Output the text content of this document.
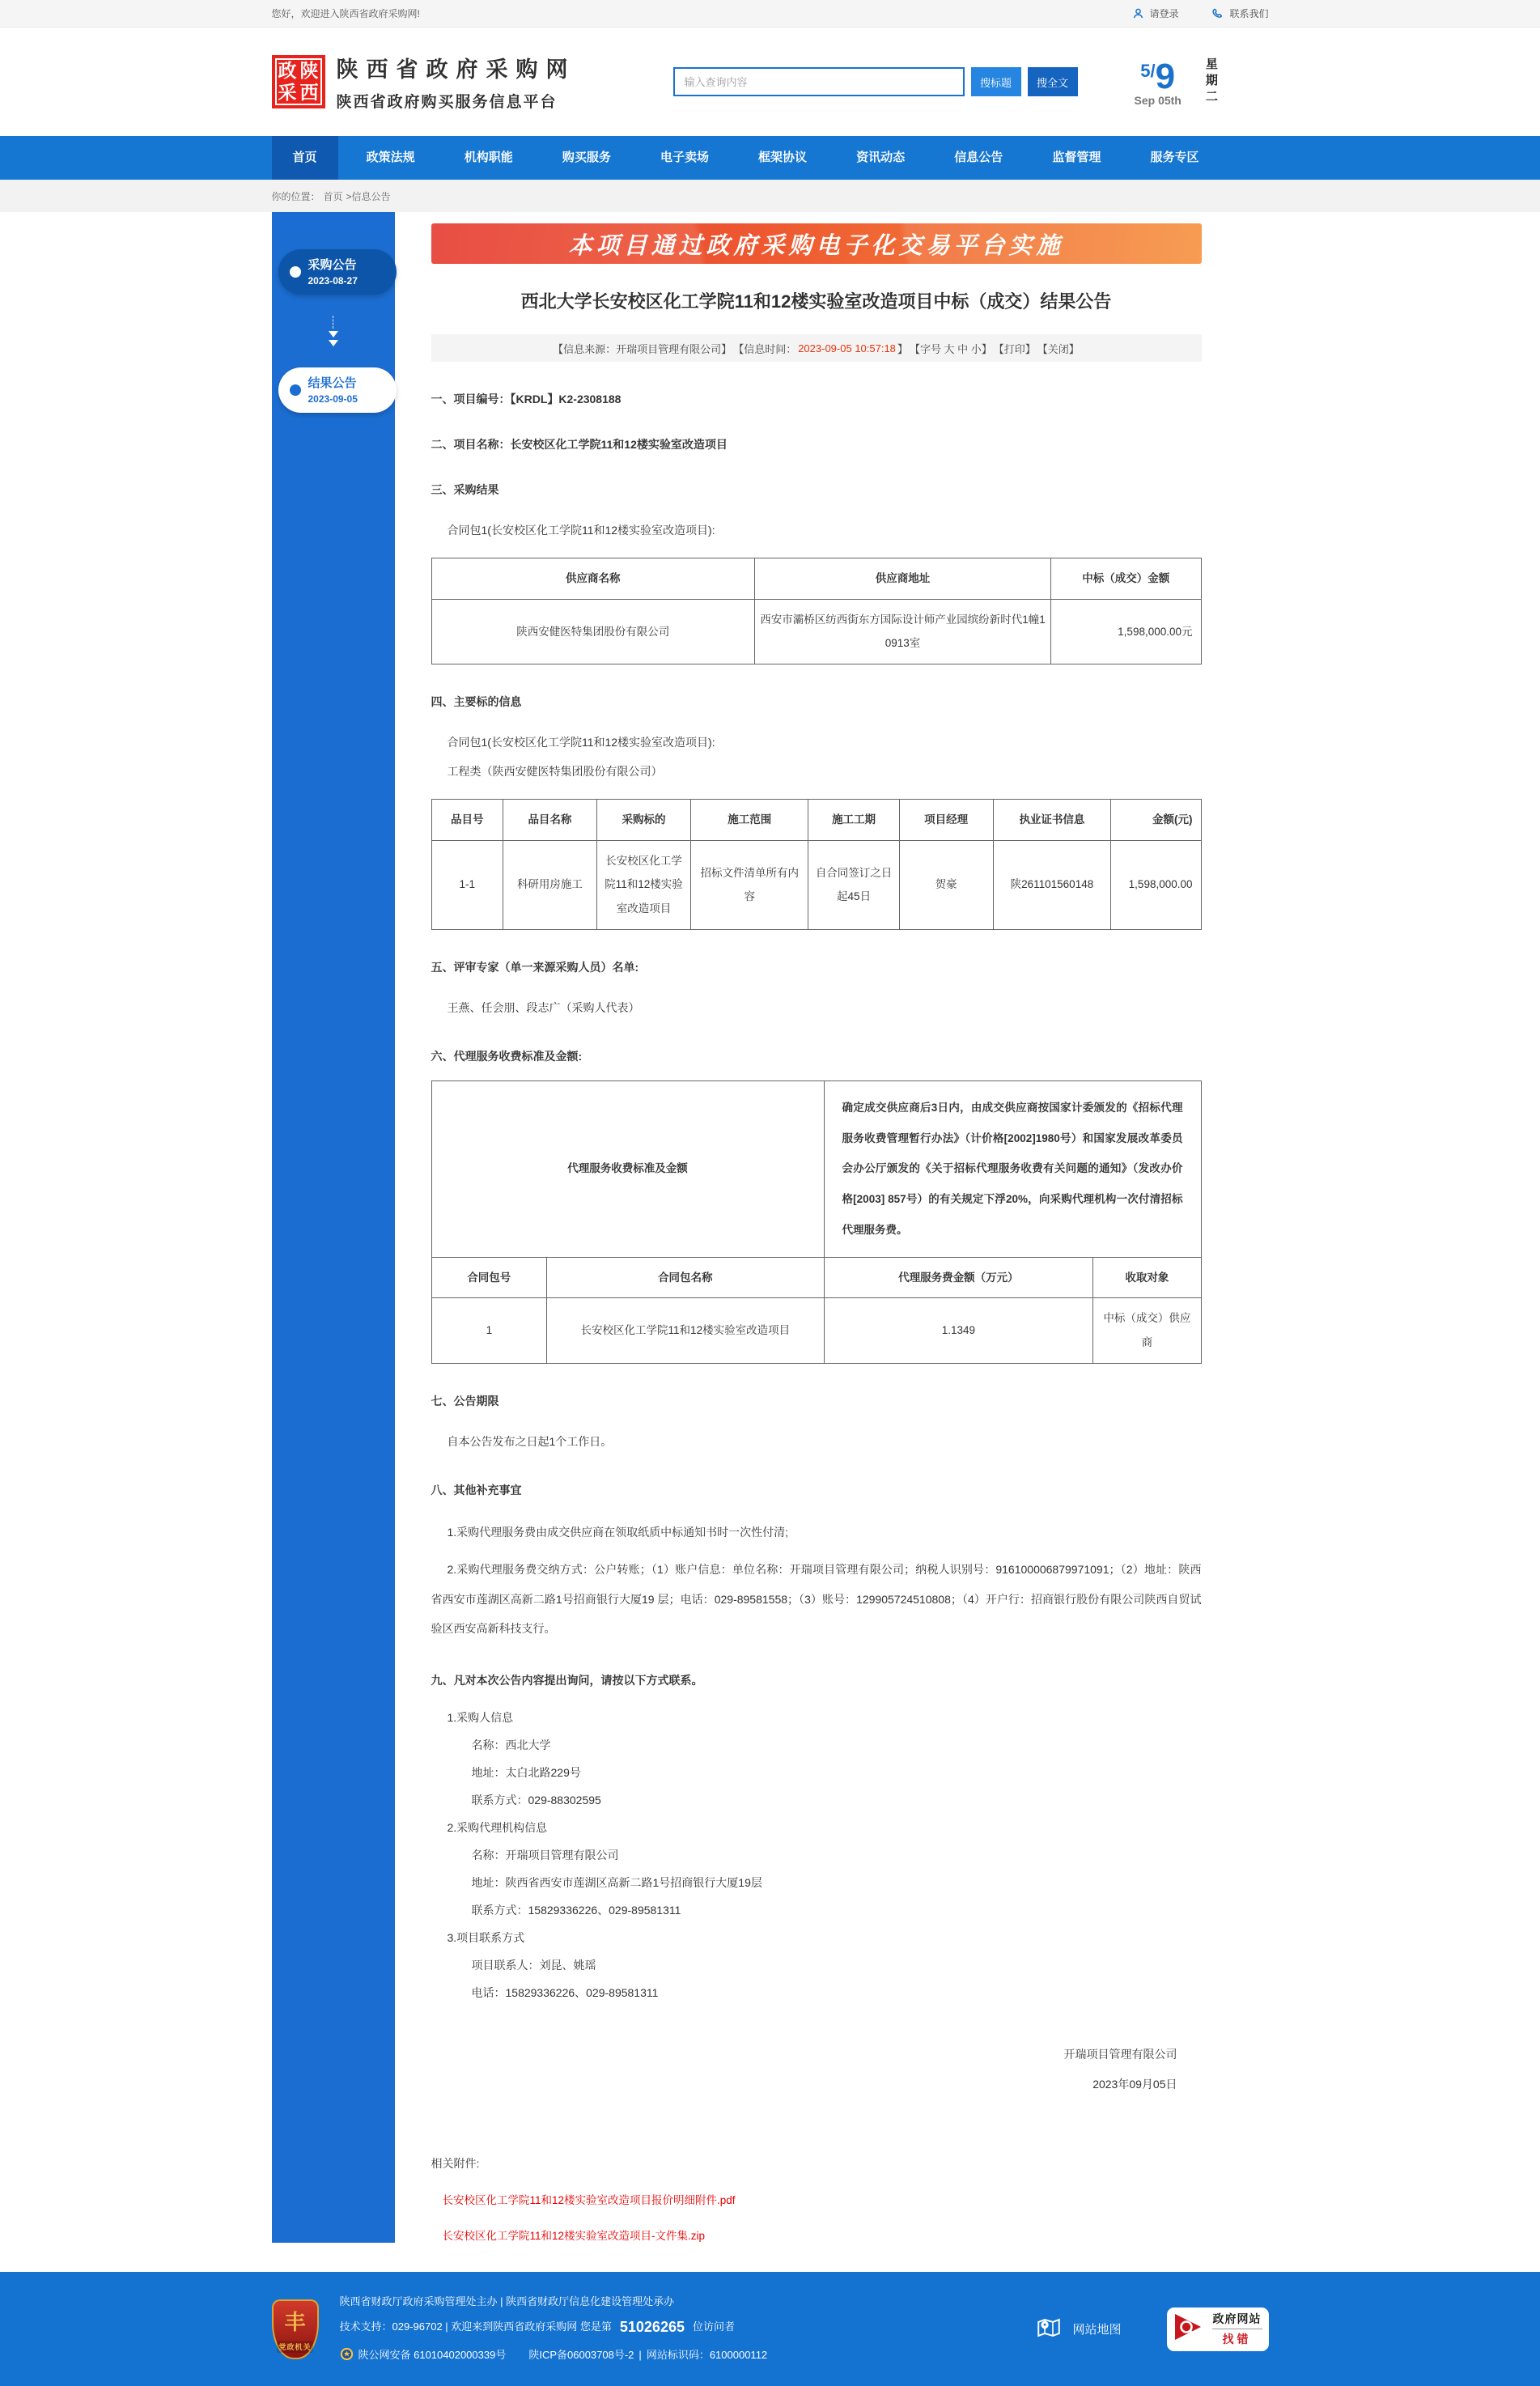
您好，欢迎进入陕西省政府采购网!	请登录	联系我们
政 陕
采 西
陕西省政府采购网
陕西省政府购买服务信息平台
输入查询内容
搜标题	搜全文
5/9
Sep 05th 星期二
首页	政策法规	机构职能	购买服务	电子卖场	框架协议	资讯动态	信息公告	监督管理	服务专区
你的位置： 首页 >信息公告
采购公告
2023-08-27
结果公告
2023-09-05
本项目通过政府采购电子化交易平台实施
西北大学长安校区化工学院11和12楼实验室改造项目中标（成交）结果公告
【信息来源：开瑞项目管理有限公司】 【信息时间： 2023-09-05 10:57:18 】 【字号 大 中 小】 【打印】 【关闭】
一、项目编号：【KRDL】K2-2308188
二、项目名称：长安校区化工学院11和12楼实验室改造项目
三、采购结果
合同包1(长安校区化工学院11和12楼实验室改造项目):
供应商名称	供应商地址	中标（成交）金额
陕西安健医特集团股份有限公司	西安市灞桥区纺西街东方国际设计师产业园缤纷新时代1幢10913室	1,598,000.00元
四、主要标的信息
合同包1(长安校区化工学院11和12楼实验室改造项目):
工程类（陕西安健医特集团股份有限公司）
品目号	品目名称	采购标的	施工范围	施工工期	项目经理	执业证书信息	金额(元)
1-1	科研用房施工	长安校区化工学院11和12楼实验室改造项目	招标文件清单所有内容	自合同签订之日起45日	贺豪	陕261101560148	1,598,000.00
五、评审专家（单一来源采购人员）名单:
王燕、任会朋、段志广（采购人代表）
六、代理服务收费标准及金额:
代理服务收费标准及金额		确定成交供应商后3日内，由成交供应商按国家计委颁发的《招标代理服务收费管理暂行办法》（计价格[2002]1980号）和国家发展改革委员会办公厅颁发的《关于招标代理服务收费有关问题的通知》（发改办价格[2003] 857号）的有关规定下浮20%，向采购代理机构一次付清招标代理服务费。	
合同包号	合同包名称	代理服务费金额（万元）	收取对象
1	长安校区化工学院11和12楼实验室改造项目	1.1349	中标（成交）供应商
七、公告期限
自本公告发布之日起1个工作日。
八、其他补充事宜
1.采购代理服务费由成交供应商在领取纸质中标通知书时一次性付清;
2.采购代理服务费交纳方式：公户转账；（1）账户信息：单位名称：开瑞项目管理有限公司；纳税人识别号：916100006879971091；（2）地址：陕西省西安市莲湖区高新二路1号招商银行大厦19 层；电话：029-89581558；（3）账号：129905724510808；（4）开户行：招商银行股份有限公司陕西自贸试验区西安高新科技支行。
九、凡对本次公告内容提出询问，请按以下方式联系。
1.采购人信息
名称：西北大学
地址：太白北路229号
联系方式：029-88302595
2.采购代理机构信息
名称：开瑞项目管理有限公司
地址：陕西省西安市莲湖区高新二路1号招商银行大厦19层
联系方式：15829336226、029-89581311
3.项目联系方式
项目联系人：刘昆、姚瑶
电话：15829336226、029-89581311
开瑞项目管理有限公司
2023年09月05日
相关附件:
长安校区化工学院11和12楼实验室改造项目报价明细附件.pdf
长安校区化工学院11和12楼实验室改造项目-文件集.zip
丰
党政机关
陕西省财政厅政府采购管理处主办 | 陕西省财政厅信息化建设管理处承办
技术支持：029-96702 | 欢迎来到陕西省政府采购网 您是第 51026265 位访问者
陕公网安备 61010402000339号 陕ICP备06003708号-2 | 网站标识码：6100000112
网站地图
政府网站
找错
